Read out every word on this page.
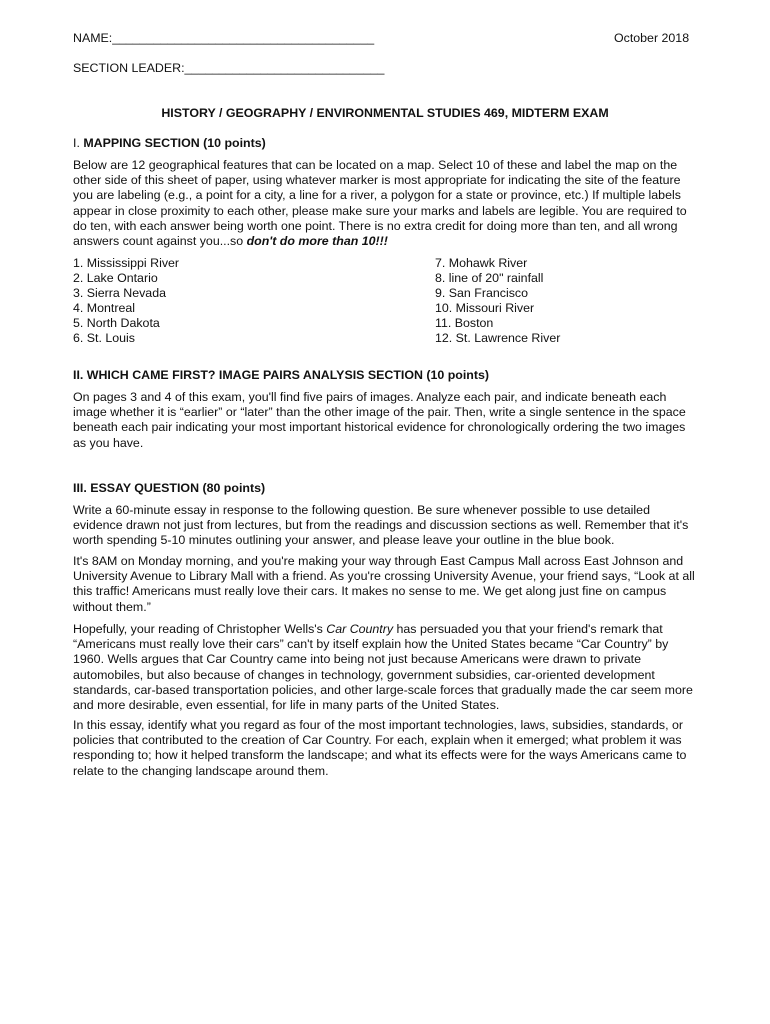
NAME:______________________________________	October 2018
SECTION LEADER:_____________________________
HISTORY / GEOGRAPHY / ENVIRONMENTAL STUDIES 469, MIDTERM EXAM
I. MAPPING SECTION (10 points)

Below are 12 geographical features that can be located on a map. Select 10 of these and label the map on the other side of this sheet of paper, using whatever marker is most appropriate for indicating the site of the feature you are labeling (e.g., a point for a city, a line for a river, a polygon for a state or province, etc.) If multiple labels appear in close proximity to each other, please make sure your marks and labels are legible. You are required to do ten, with each answer being worth one point. There is no extra credit for doing more than ten, and all wrong answers count against you...so don't do more than 10!!!

1. Mississippi River
2. Lake Ontario
3. Sierra Nevada
4. Montreal
5. North Dakota
6. St. Louis
7. Mohawk River
8. line of 20" rainfall
9. San Francisco
10. Missouri River
11. Boston
12. St. Lawrence River
II. WHICH CAME FIRST? IMAGE PAIRS ANALYSIS SECTION (10 points)

On pages 3 and 4 of this exam, you'll find five pairs of images. Analyze each pair, and indicate beneath each image whether it is “earlier” or “later” than the other image of the pair. Then, write a single sentence in the space beneath each pair indicating your most important historical evidence for chronologically ordering the two images as you have.

III. ESSAY QUESTION (80 points)

Write a 60-minute essay in response to the following question. Be sure whenever possible to use detailed evidence drawn not just from lectures, but from the readings and discussion sections as well. Remember that it's worth spending 5-10 minutes outlining your answer, and please leave your outline in the blue book.

It's 8AM on Monday morning, and you're making your way through East Campus Mall across East Johnson and University Avenue to Library Mall with a friend. As you're crossing University Avenue, your friend says, “Look at all this traffic! Americans must really love their cars. It makes no sense to me. We get along just fine on campus without them.”

Hopefully, your reading of Christopher Wells's Car Country has persuaded you that your friend's remark that “Americans must really love their cars” can't by itself explain how the United States became “Car Country” by 1960. Wells argues that Car Country came into being not just because Americans were drawn to private automobiles, but also because of changes in technology, government subsidies, car-oriented development standards, car-based transportation policies, and other large-scale forces that gradually made the car seem more and more desirable, even essential, for life in many parts of the United States.

In this essay, identify what you regard as four of the most important technologies, laws, subsidies, standards, or policies that contributed to the creation of Car Country. For each, explain when it emerged; what problem it was responding to; how it helped transform the landscape; and what its effects were for the ways Americans came to relate to the changing landscape around them.
